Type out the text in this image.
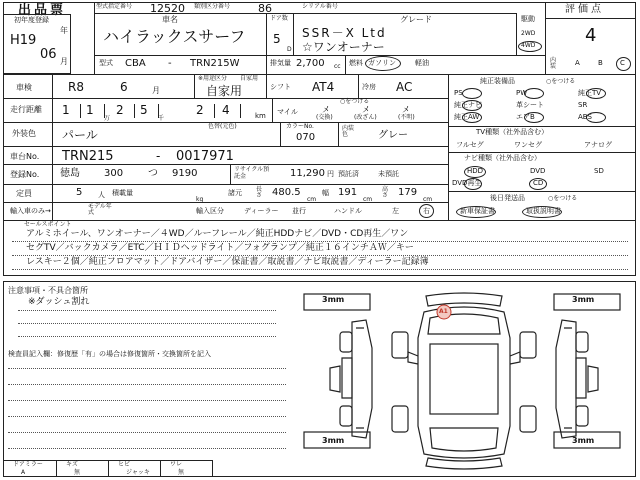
出品票	型式指定番号 12520 類別区分番号	86	シリアル番号
初年度登録
H19
年
06 月
車名
ハイラックスサーフ
ドア数
5
D
グレード
SSR－X Ltd
☆ワンオーナー
駆動
2WD
4WD
評価点
4
型式 CBA - TRN215W	排気量 2,700 cc 燃料 ガソリン	軽油	内装	A	B C
車検	R8	6	月
※用途区分 自家用
自家用	シフト AT4	冷房 AC
走行距離 1 1 2 5	2 4
万	千	km
○をつける
マイル	メ	メ	メ
(交換)	(改ざん)	(不明)
外装色
色替(元色)
パール
カラーNo.
070
内装色	グレー
車台No. TRN215	- 0017971
登録No. 徳島 300 つ 9190	リサイクル預託金	11,290 円 預託済	未預託
定員	5 人 積載量
kg
諸元 長さ 480.5
cm
幅 191
cm
高さ 179
cm
輸入車のみ→
モデル年式	輸入区分	ディーラー 並行	ハンドル	左	右
純正装備品	○をつける
PS	PW	純正TV
純正ナビ	革シート	SR
純正AW	エアB	ABS
TV種類（社外品含む）
フルセグ	ワンセグ	アナログ
ナビ種類（社外品含む）
HDD	DVD	SD
DVD再生	CD
後日発送品	○をつける
新車保証書	取扱説明書
セールスポイント
アルミホイール、ワンオーナー／４WD／ルーフレール／純正HDDナビ／DVD・CD再生／ワン
セグTV／バックカメラ／ETC／ＨＩＤヘッドライト／フォグランプ／純正１６インチＡＷ／キー
レスキー２個／純正フロアマット／ドアバイザー／保証書／取説書／ナビ取説書／ディーラー記録簿
注意事項・不具合箇所
※ダッシュ割れ
検査員記入欄：修復歴「有」の場合は修復箇所・交換箇所を記入
ドアミラー
A
キズ
無
ヒビ
ジャッキ
ワレ
無
3mm	3mm
3mm	3mm
A1
